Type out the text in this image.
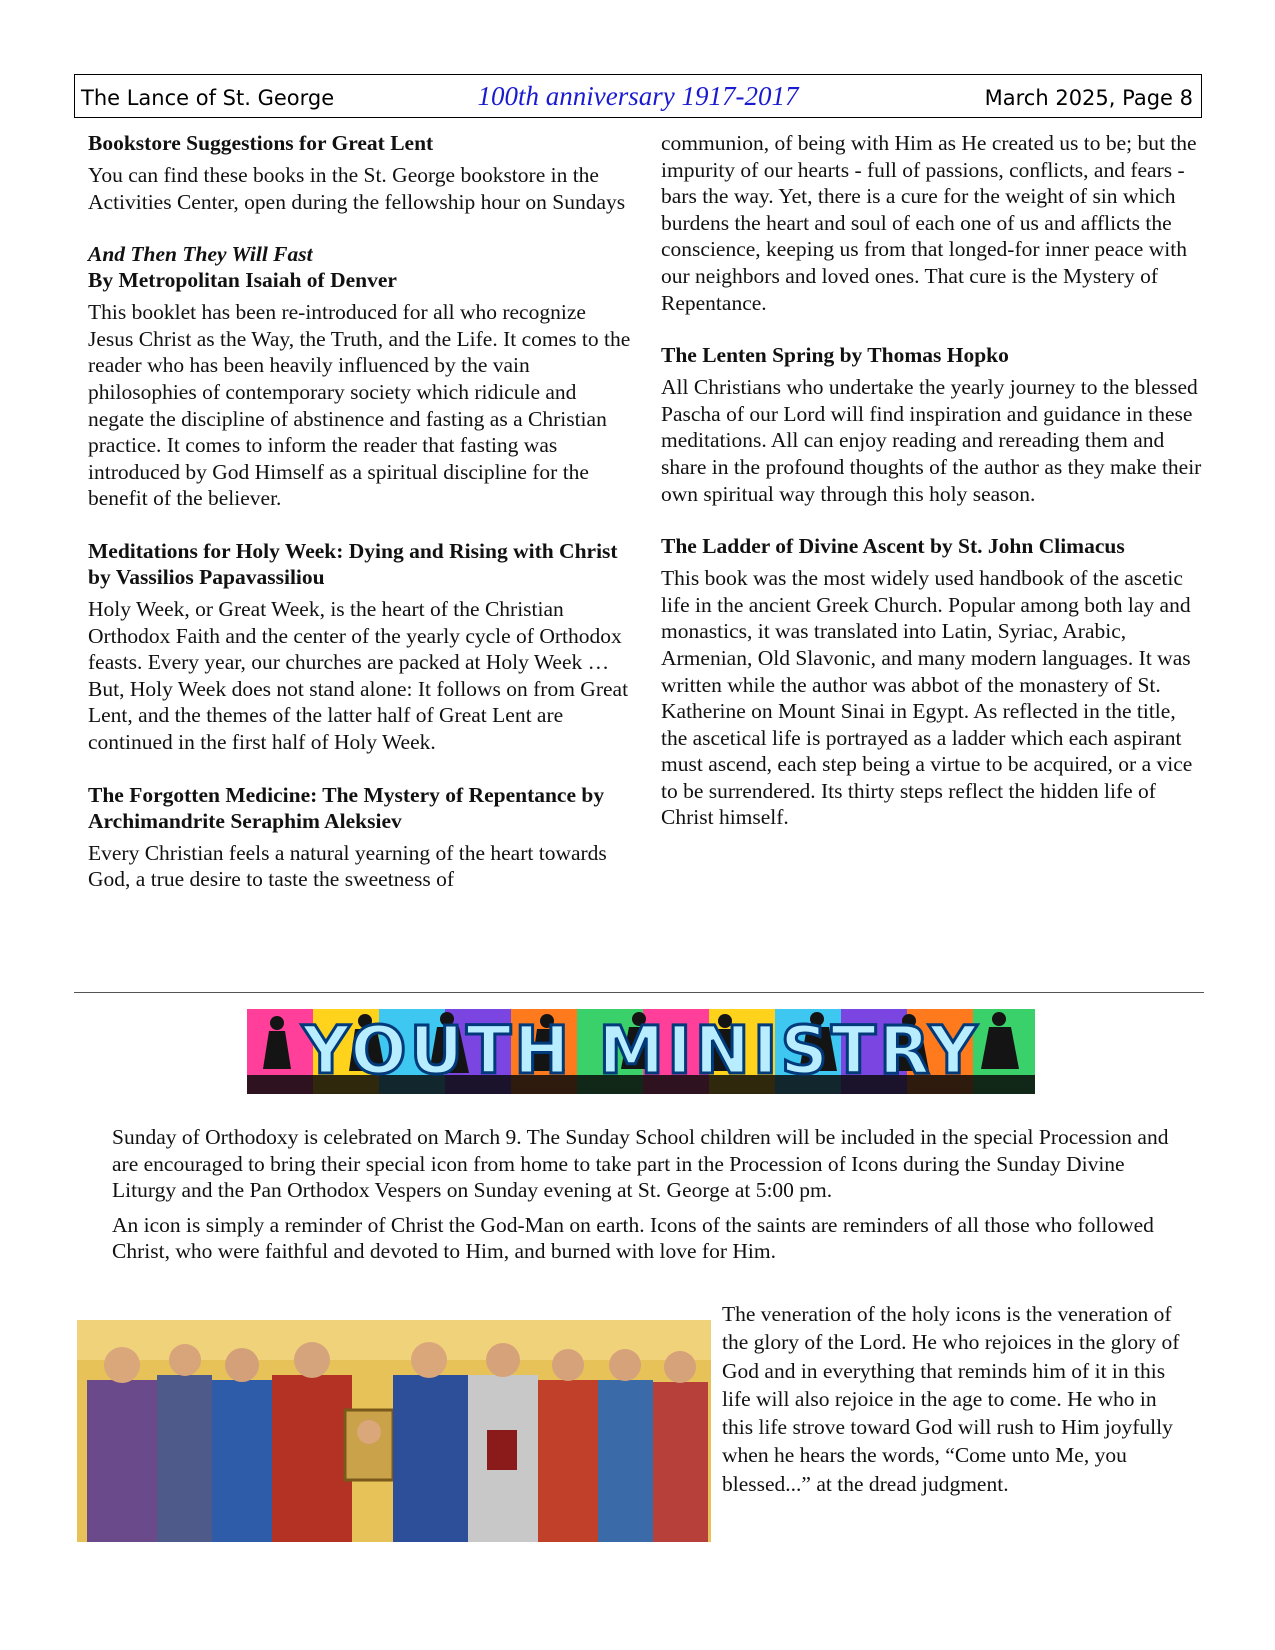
The Lance of St. George	100th anniversary 1917-2017	March 2025, Page 8
Bookstore Suggestions for Great Lent

You can find these books in the St. George bookstore in the Activities Center, open during the fellowship hour on Sundays

And Then They Will Fast
By Metropolitan Isaiah of Denver

This booklet has been re-introduced for all who recognize Jesus Christ as the Way, the Truth, and the Life. It comes to the reader who has been heavily influenced by the vain philosophies of contemporary society which ridicule and negate the discipline of abstinence and fasting as a Christian practice. It comes to inform the reader that fasting was introduced by God Himself as a spiritual discipline for the benefit of the believer.

Meditations for Holy Week: Dying and Rising with Christ by Vassilios Papavassiliou

Holy Week, or Great Week, is the heart of the Christian Orthodox Faith and the center of the yearly cycle of Orthodox feasts. Every year, our churches are packed at Holy Week … But, Holy Week does not stand alone: It follows on from Great Lent, and the themes of the latter half of Great Lent are continued in the first half of Holy Week.

The Forgotten Medicine: The Mystery of Repentance by Archimandrite Seraphim Aleksiev

Every Christian feels a natural yearning of the heart towards God, a true desire to taste the sweetness of

communion, of being with Him as He created us to be; but the impurity of our hearts - full of passions, conflicts, and fears - bars the way. Yet, there is a cure for the weight of sin which burdens the heart and soul of each one of us and afflicts the conscience, keeping us from that longed-for inner peace with our neighbors and loved ones. That cure is the Mystery of Repentance.

The Lenten Spring by Thomas Hopko

All Christians who undertake the yearly journey to the blessed Pascha of our Lord will find inspiration and guidance in these meditations. All can enjoy reading and rereading them and share in the profound thoughts of the author as they make their own spiritual way through this holy season.

The Ladder of Divine Ascent by St. John Climacus

This book was the most widely used handbook of the ascetic life in the ancient Greek Church. Popular among both lay and monastics, it was translated into Latin, Syriac, Arabic, Armenian, Old Slavonic, and many modern languages. It was written while the author was abbot of the monastery of St. Katherine on Mount Sinai in Egypt. As reflected in the title, the ascetical life is portrayed as a ladder which each aspirant must ascend, each step being a virtue to be acquired, or a vice to be surrendered. Its thirty steps reflect the hidden life of Christ himself.

YOUTH MINISTRY

Sunday of Orthodoxy is celebrated on March 9. The Sunday School children will be included in the special Procession and are encouraged to bring their special icon from home to take part in the Procession of Icons during the Sunday Divine Liturgy and the Pan Orthodox Vespers on Sunday evening at St. George at 5:00 pm.

An icon is simply a reminder of Christ the God-Man on earth. Icons of the saints are reminders of all those who followed Christ, who were faithful and devoted to Him, and burned with love for Him.

The veneration of the holy icons is the veneration of the glory of the Lord. He who rejoices in the glory of God and in everything that reminds him of it in this life will also rejoice in the age to come. He who in this life strove toward God will rush to Him joyfully when he hears the words, “Come unto Me, you blessed...” at the dread judgment.
